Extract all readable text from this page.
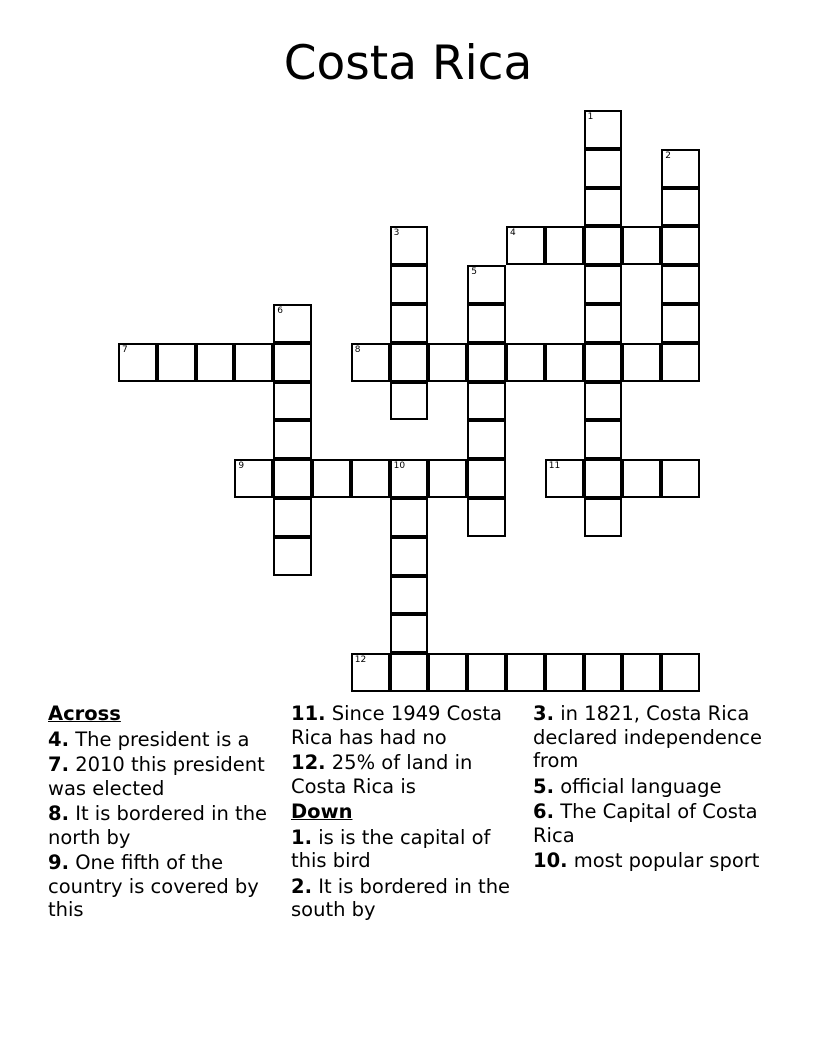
Costa Rica
1
2
3	4
5
6
7	8
9	10	11
12
Across
4. The president is a
7. 2010 this president was elected
8. It is bordered in the north by
9. One fifth of the country is covered by this
11. Since 1949 Costa Rica has had no
12. 25% of land in Costa Rica is
Down
1. is is the capital of this bird
2. It is bordered in the south by
3. in 1821, Costa Rica declared independence from
5. official language
6. The Capital of Costa Rica
10. most popular sport
